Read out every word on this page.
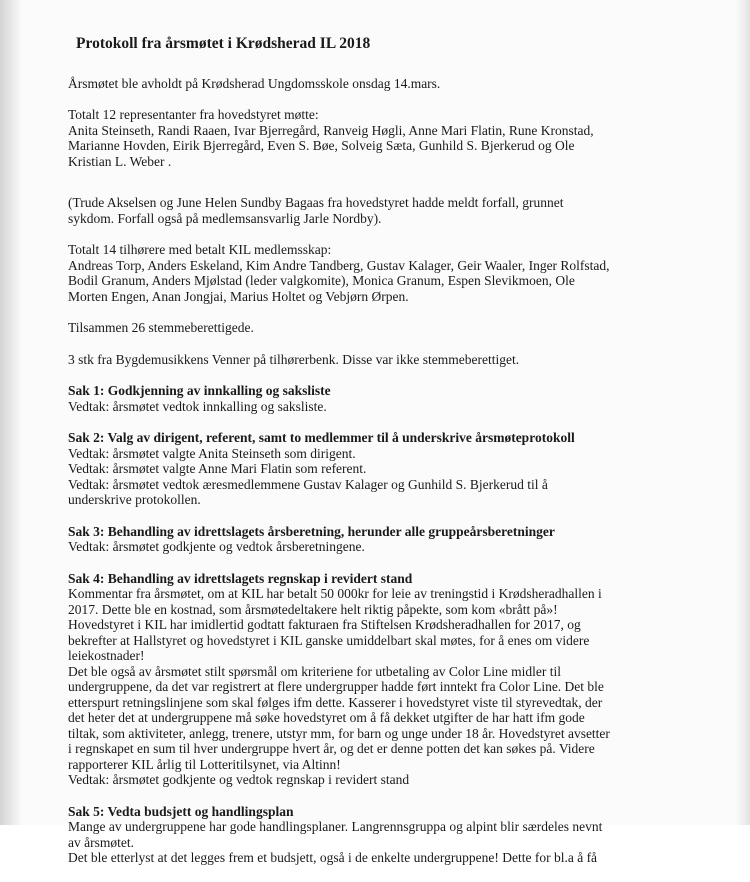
Protokoll fra årsmøtet i Krødsherad IL 2018
Årsmøtet ble avholdt på Krødsherad Ungdomsskole onsdag 14.mars.
Totalt 12 representanter fra hovedstyret møtte:
Anita Steinseth, Randi Raaen, Ivar Bjerregård, Ranveig Høgli, Anne Mari Flatin, Rune Kronstad,
Marianne Hovden, Eirik Bjerregård, Even S. Bøe, Solveig Sæta, Gunhild S. Bjerkerud og Ole
Kristian L. Weber .
(Trude Akselsen og June Helen Sundby Bagaas fra hovedstyret hadde meldt forfall, grunnet
sykdom. Forfall også på medlemsansvarlig Jarle Nordby).
Totalt 14 tilhørere med betalt KIL medlemsskap:
Andreas Torp, Anders Eskeland, Kim Andre Tandberg, Gustav Kalager, Geir Waaler, Inger Rolfstad,
Bodil Granum, Anders Mjølstad (leder valgkomite), Monica Granum, Espen Slevikmoen, Ole
Morten Engen, Anan Jongjai, Marius Holtet og Vebjørn Ørpen.
Tilsammen 26 stemmeberettigede.
3 stk fra Bygdemusikkens Venner på tilhørerbenk. Disse var ikke stemmeberettiget.
Sak 1: Godkjenning av innkalling og saksliste
Vedtak: årsmøtet vedtok innkalling og saksliste.
Sak 2: Valg av dirigent, referent, samt to medlemmer til å underskrive årsmøteprotokoll
Vedtak: årsmøtet valgte Anita Steinseth som dirigent.
Vedtak: årsmøtet valgte Anne Mari Flatin som referent.
Vedtak: årsmøtet vedtok æresmedlemmene Gustav Kalager og Gunhild S. Bjerkerud til å
underskrive protokollen.
Sak 3: Behandling av idrettslagets årsberetning, herunder alle gruppeårsberetninger
Vedtak: årsmøtet godkjente og vedtok årsberetningene.
Sak 4: Behandling av idrettslagets regnskap i revidert stand
Kommentar fra årsmøtet, om at KIL har betalt 50 000kr for leie av treningstid i Krødsheradhallen i
2017. Dette ble en kostnad, som årsmøtedeltakere helt riktig påpekte, som kom «brått på»!
Hovedstyret i KIL har imidlertid godtatt fakturaen fra Stiftelsen Krødsheradhallen for 2017, og
bekrefter at Hallstyret og hovedstyret i KIL ganske umiddelbart skal møtes, for å enes om videre
leiekostnader!
Det ble også av årsmøtet stilt spørsmål om kriteriene for utbetaling av Color Line midler til
undergruppene, da det var registrert at flere undergrupper hadde ført inntekt fra Color Line. Det ble
etterspurt retningslinjene som skal følges ifm dette. Kasserer i hovedstyret viste til styrevedtak, der
det heter det at undergruppene må søke hovedstyret om å få dekket utgifter de har hatt ifm gode
tiltak, som aktiviteter, anlegg, trenere, utstyr mm, for barn og unge under 18 år. Hovedstyret avsetter
i regnskapet en sum til hver undergruppe hvert år, og det er denne potten det kan søkes på. Videre
rapporterer KIL årlig til Lotteritilsynet, via Altinn!
Vedtak: årsmøtet godkjente og vedtok regnskap i revidert stand
Sak 5: Vedta budsjett og handlingsplan
Mange av undergruppene har gode handlingsplaner. Langrennsgruppa og alpint blir særdeles nevnt
av årsmøtet.
Det ble etterlyst at det legges frem et budsjett, også i de enkelte undergruppene! Dette for bl.a å få
